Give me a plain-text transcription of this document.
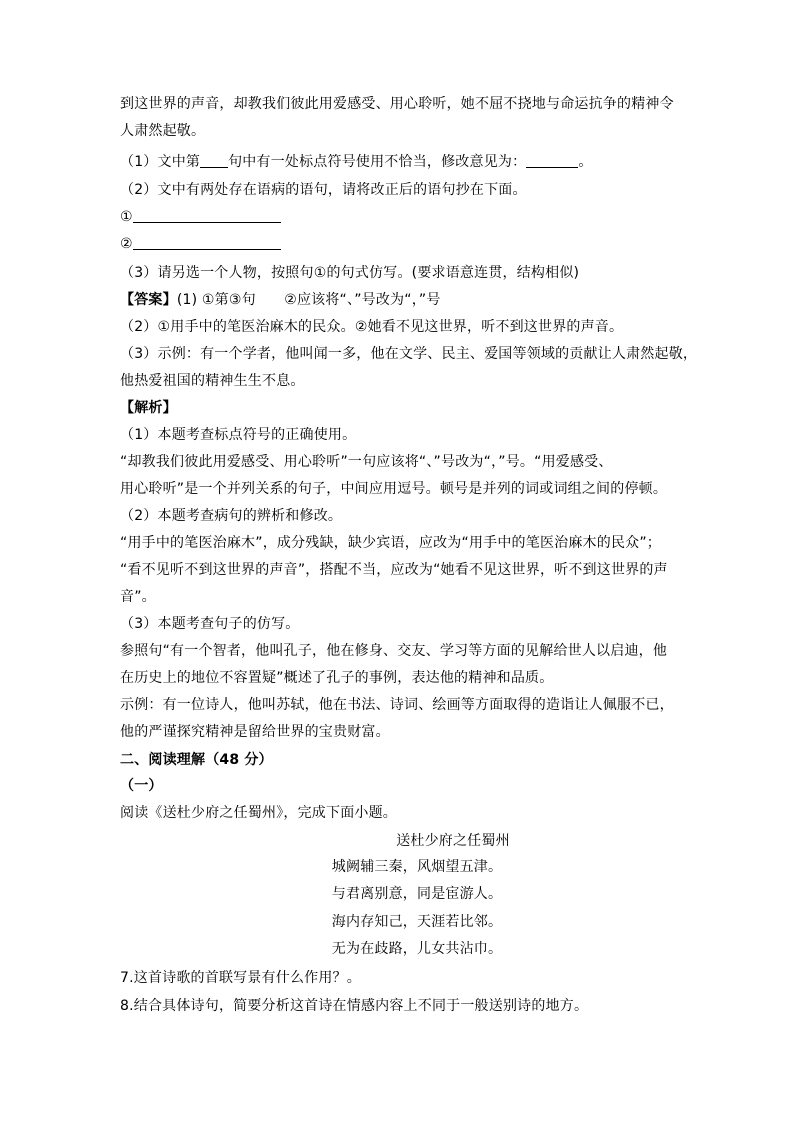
到这世界的声音，却教我们彼此用爱感受、用心聆听，她不屈不挠地与命运抗争的精神令
人肃然起敬。
（1）文中第 句中有一处标点符号使用不恰当，修改意见为：	。
（2）文中有两处存在语病的语句，请将改正后的语句抄在下面。
①
②
（3）请另选一个人物，按照句①的句式仿写。(要求语意连贯，结构相似)
【答案】(1) ①第③句　　②应该将“、”号改为“，”号
（2）①用手中的笔医治麻木的民众。②她看不见这世界，听不到这世界的声音。
（3）示例：有一个学者，他叫闻一多，他在文学、民主、爱国等领域的贡献让人肃然起敬，
他热爱祖国的精神生生不息。
【解析】
（1）本题考查标点符号的正确使用。
“却教我们彼此用爱感受、用心聆听”一句应该将“、”号改为“，”号。“用爱感受、
用心聆听”是一个并列关系的句子，中间应用逗号。顿号是并列的词或词组之间的停顿。
（2）本题考查病句的辨析和修改。
“用手中的笔医治麻木”，成分残缺，缺少宾语，应改为“用手中的笔医治麻木的民众”；
“看不见听不到这世界的声音”，搭配不当，应改为“她看不见这世界，听不到这世界的声
音”。
（3）本题考查句子的仿写。
参照句“有一个智者，他叫孔子，他在修身、交友、学习等方面的见解给世人以启迪，他
在历史上的地位不容置疑”概述了孔子的事例，表达他的精神和品质。
示例：有一位诗人，他叫苏轼，他在书法、诗词、绘画等方面取得的造诣让人佩服不已，
他的严谨探究精神是留给世界的宝贵财富。
二、阅读理解（48 分）
（一）
阅读《送杜少府之任蜀州》，完成下面小题。
送杜少府之任蜀州
城阙辅三秦，风烟望五津。
与君离别意，同是宦游人。
海内存知己，天涯若比邻。
无为在歧路，儿女共沾巾。
7.这首诗歌的首联写景有什么作用？。
8.结合具体诗句，简要分析这首诗在情感内容上不同于一般送别诗的地方。
